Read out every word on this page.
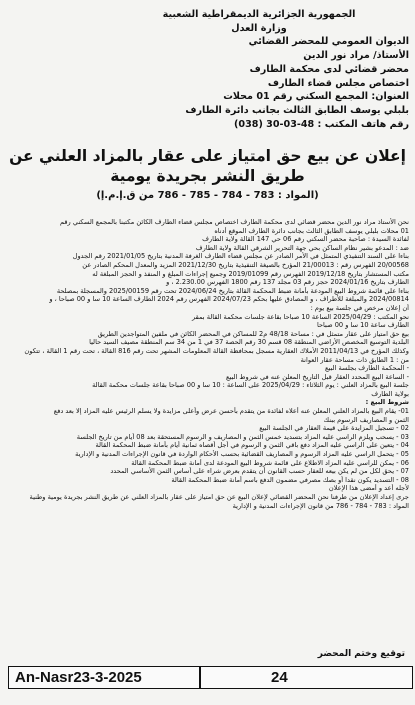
الجمهورية الجزائرية الديمقراطية الشعبية
وزارة العدل
الديوان العمومي للمحضر القضائي
الأستاذ/ مراد نور الدين
محضر قضائي لدى محكمة الطارف
اختصاص مجلس قضاء الطارف
العنوان: المجمع السكني رقم 01 محلات
بلبلي يوسف الطابق الثالث بجانب دائرة الطارف
رقم هاتف المكتب : 48-03-30 (038)
إعلان عن بيع حق امتياز على عقار بالمزاد العلني عن طريق النشر بجريدة يومية
(المواد : 783 - 784 - 785 - 786 من ق.إ.م.إ)
نحن الأستاذ مراد نور الدين محضر قضائي لدى محكمة الطارف اختصاص مجلس قضاء الطارف الكائن مكتبنا بالمجمع السكني رقم
01 محلات بلبلي يوسف الطابق الثالث بجانب دائرة الطارف الموقع أدناه
لفائدة السيدة : صاحبة محضر السكني رقم 06 حي 147 القالة ولاية الطارف
ضد : المدعو بشير نظام الساكن بحي جهة التحرير الشرقي القالة ولاية الطارف
بناءا على السند التنفيذي المتمثل في الأمر الصادر عن مجلس قضاء الطارف الغرفة المدنية بتاريخ 2021/01/05 رقم الجدول
20/00568 الفهرس رقم : 21/00013 المؤرخ بالصيغة التنفيذية بتاريخ 2021/12/30 المزيد والمعدل المحكم الصادر عن
مكتب المستشار بتاريخ 2019/12/18 الفهرس رقم 2019/01099 وجميع إجراءات المبلغ و المنفذ و الحجز المبلغة له
الطارف بتاريخ 2024/01/16 حجز رقم 03 مجلد 137 رقم 1800 الفهرس 2.230.00 ، و
بناءا على قائمة شروط البيع المودعة بأمانة ضبط المحكمة القالة بتاريخ 2024/06/24 تحت رقم 2025/00159 والمسجلة بمصلحة
2024/00814 والمبلغة للأطراف ، و المصادق عليها بحكم 2024/07/23 الفهرس رقم 2024 الطارف الساعة 10 سا و 00 صباحا ، و
أن إعلان مرخص في جلسة بيع يوم :
نحو المكتب : 2025/04/29 الساعة 10 صباحا بقاعة جلسات محكمة القالة بمقر
الطارف ساعة 10 سا و 00 صباحا
بيع حق امتياز على عقار متمثل في : مساحة 48/18 م2 للمساكن في المحضر الكائن في ملفين المتواجدين الطريق
البلدية التوسيع المخصص الأراضي المنطقة 08 قسم 30 رقم الحصة 37 في 1 من 34 سم المنطقة مصيف السيد حاليا
وكذلك المؤرخ في 2011/04/13 الأملاك العقارية مسجل بمحافظة القالة المعلومات المشهر تحت رقم 816 القالة ، تحت رقم 1 القالة ، تتكون
من : 1 الطابق ذات مساحة عقار العوانة
- المحكمة الطارف بجلسة البيع
- الساعة البيع المحدد العقار قبل التاريخ المعلن عنه في شروط البيع
جلسة البيع بالمزاد العلني : يوم الثلاثاء : 2025/04/29 على الساعة : 10 سا و 00 صباحا بقاعة جلسات محكمة القالة
بولاية الطارف
شروط البيع :
01- يقام البيع بالمزاد العلني المعلن عنه أعلاه لفائدة من يتقدم بأحسن عرض وأعلى مزايدة ولا يسلم الرئيس عليه المزاد إلا بعد دفع
الثمن و المصاريف الرسوم ببنك
02 - تسجيل المزايدة على قيمة العقار في الجلسة البيع
03 - يسحب ويلزم الراسي عليه المزاد بتسديد خمس الثمن و المصاريف و الرسوم المستحقة بعد 08 أيام من تاريخ الجلسة
04 - يتعين على الراسي عليه المزاد دفع باقي الثمن و الرسوم في أجل أقصاه ثمانية أيام بأمانة ضبط المحكمة القالة
05 - يتحمل الراسي عليه المزاد الرسوم و المصاريف القضائية بحسب الأحكام الواردة في قانون الإجراءات المدنية و الإدارية
06 - يمكن للراسي عليه المزاد الاطلاع على قائمة شروط البيع المودعة لدى أمانة ضبط المحكمة القالة
07 - يحق لكل من لم يكن بيعه للعقار حسب القانون أن يتقدم بعرض شراء على أساس الثمن الأساسي المحدد
08 - التسديد يكون نقدا أو بصك مصرفي مضمون الدفع باسم أمانة ضبط المحكمة القالة
لأجله أعد و أمضى هذا الإعلان
جرى إعداد الإعلان من طرفنا نحن المحضر القضائي لإعلان البيع عن حق امتياز على عقار بالمزاد العلني عن طريق النشر بجريدة يومية وطنية
المواد : 783 - 784 - 786 من قانون الإجراءات المدنية و الإدارية
توقيع وختم المحضر
An-Nasr23-3-2025	24
